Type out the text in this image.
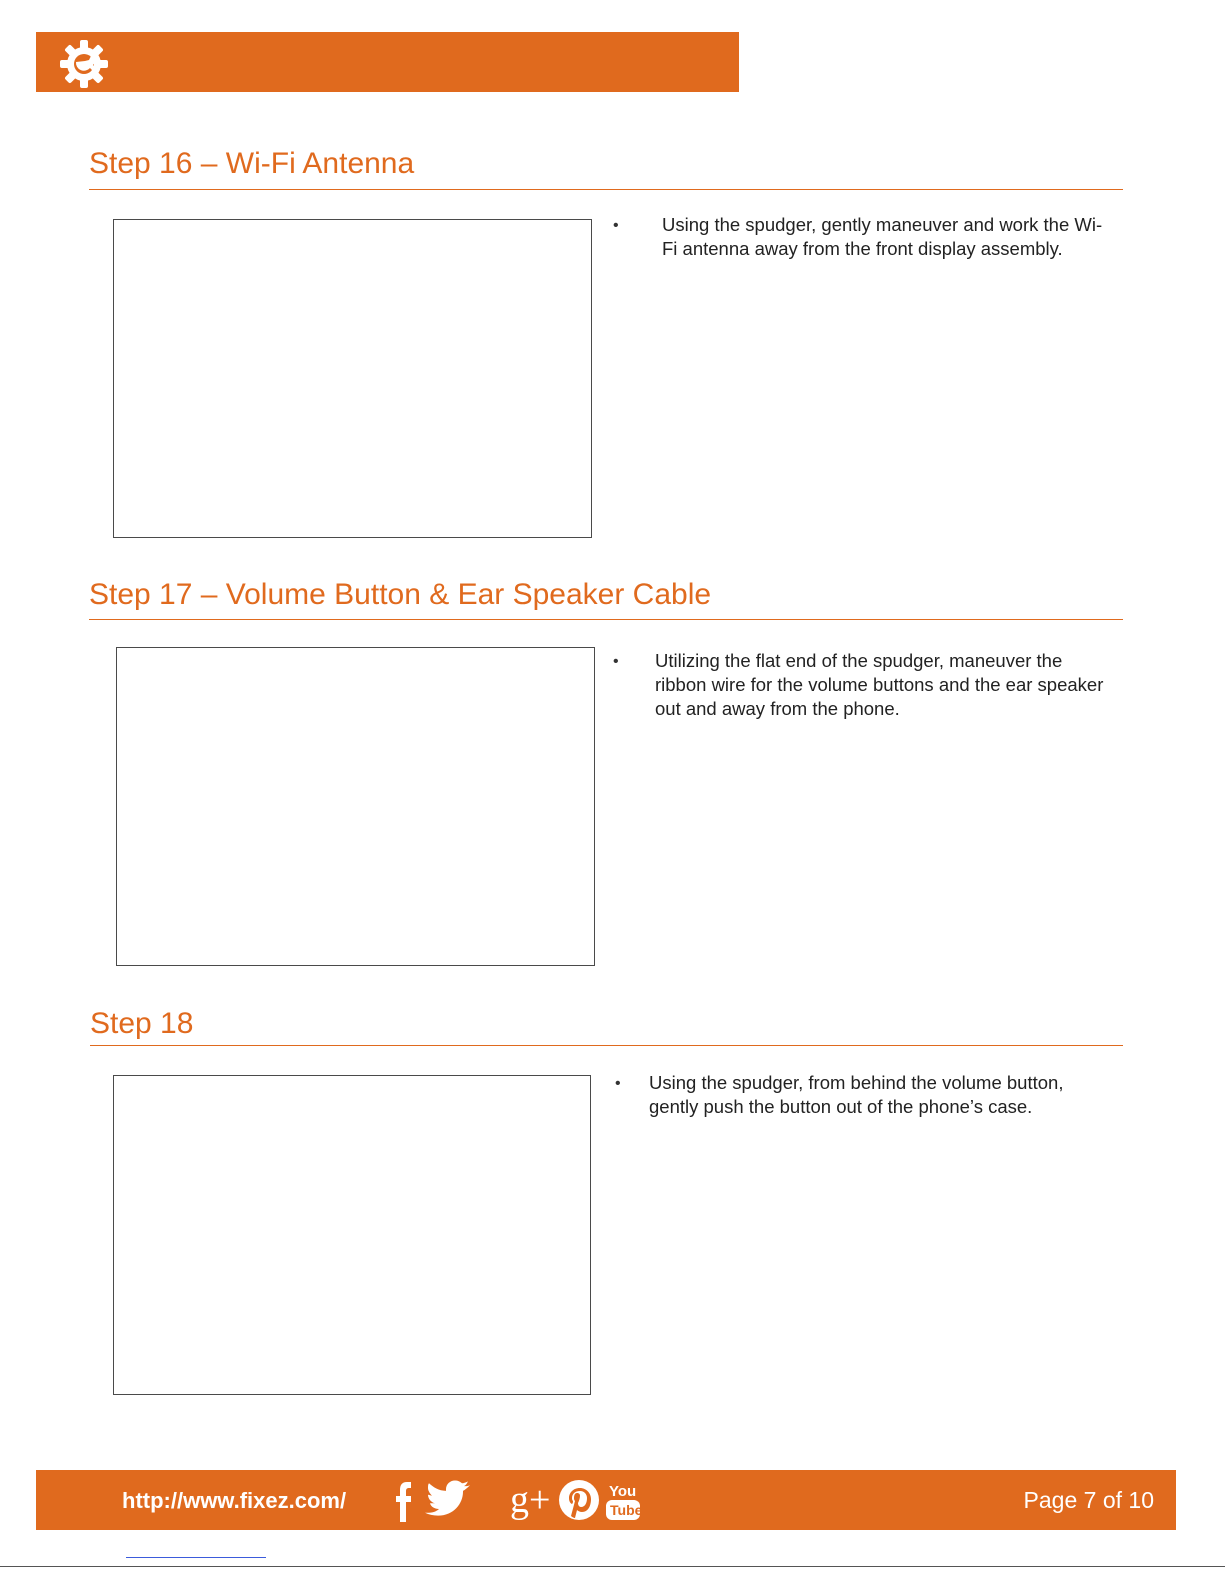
Step 16 – Wi-Fi Antenna
• Using the spudger, gently maneuver and work the Wi-Fi antenna away from the front display assembly.

Step 17 – Volume Button & Ear Speaker Cable
• Utilizing the flat end of the spudger, maneuver the ribbon wire for the volume buttons and the ear speaker out and away from the phone.

Step 18
• Using the spudger, from behind the volume button, gently push the button out of the phone’s case.

http://www.fixez.com/	g+	You
Tube	Page 7 of 10
